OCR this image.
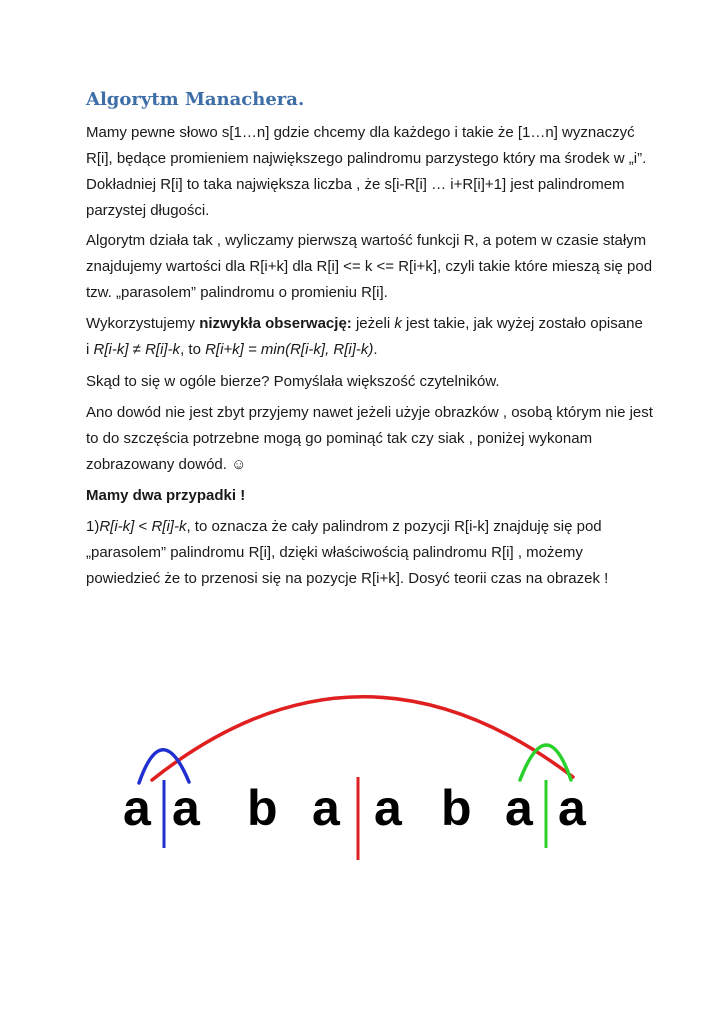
Algorytm Manachera.

Mamy pewne słowo s[1…n] gdzie chcemy dla każdego i takie że [1…n] wyznaczyć
R[i], będące promieniem największego palindromu parzystego który ma środek w „i”.
Dokładniej R[i] to taka największa liczba , że s[i-R[i] … i+R[i]+1] jest palindromem
parzystej długości.

Algorytm działa tak , wyliczamy pierwszą wartość funkcji R, a potem w czasie stałym
znajdujemy wartości dla R[i+k] dla R[i] <= k <= R[i+k], czyli takie które mieszą się pod
tzw. „parasolem” palindromu o promieniu R[i].

Wykorzystujemy nizwykła obserwację: jeżeli k jest takie, jak wyżej zostało opisane
i R[i-k] ≠ R[i]-k, to R[i+k] = min(R[i-k], R[i]-k).

Skąd to się w ogóle bierze? Pomyślała większość czytelników.

Ano dowód nie jest zbyt przyjemy nawet jeżeli użyje obrazków , osobą którym nie jest
to do szczęścia potrzebne mogą go pominąć tak czy siak , poniżej wykonam
zobrazowany dowód. ☺

Mamy dwa przypadki !

1)R[i-k] < R[i]-k, to oznacza że cały palindrom z pozycji R[i-k] znajduję się pod
„parasolem” palindromu R[i], dzięki właściwością palindromu R[i] , możemy
powiedzieć że to przenosi się na pozycje R[i+k]. Dosyć teorii czas na obrazek !

a a b a a b a a
